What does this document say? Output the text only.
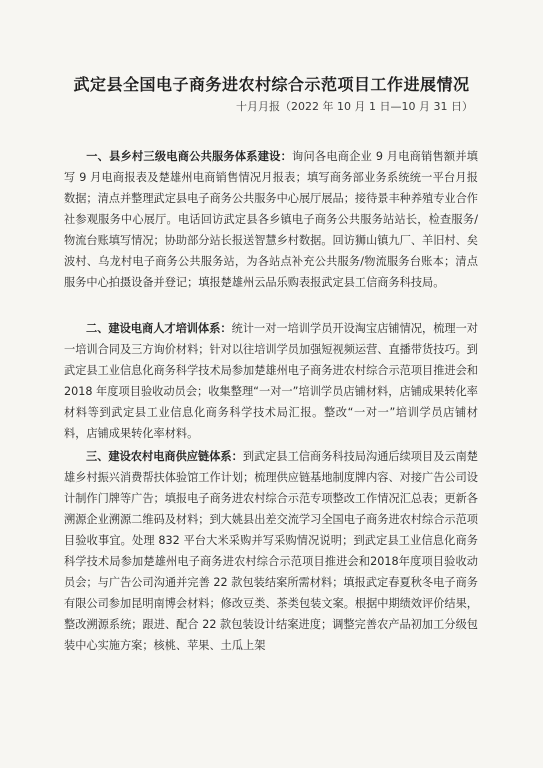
武定县全国电子商务进农村综合示范项目工作进展情况
十月月报（2022 年 10 月 1 日—10 月 31 日）
一、县乡村三级电商公共服务体系建设：询问各电商企业 9 月电商销售额并填写 9 月电商报表及楚雄州电商销售情况月报表；填写商务部业务系统统一平台月报数据；清点并整理武定县电子商务公共服务中心展厅展品；接待景丰种养殖专业合作社参观服务中心展厅。电话回访武定县各乡镇电子商务公共服务站站长，检查服务/物流台账填写情况；协助部分站长报送智慧乡村数据。回访狮山镇九厂、羊旧村、矣波村、乌龙村电子商务公共服务站，为各站点补充公共服务/物流服务台账本；清点服务中心拍摄设备并登记；填报楚雄州云品乐购表报武定县工信商务科技局。
二、建设电商人才培训体系：统计一对一培训学员开设淘宝店铺情况，梳理一对一培训合同及三方询价材料；针对以往培训学员加强短视频运营、直播带货技巧。到武定县工业信息化商务科学技术局参加楚雄州电子商务进农村综合示范项目推进会和 2018 年度项目验收动员会；收集整理“一对一”培训学员店铺材料，店铺成果转化率材料等到武定县工业信息化商务科学技术局汇报。整改“一对一”培训学员店铺材料，店铺成果转化率材料。
三、建设农村电商供应链体系：到武定县工信商务科技局沟通后续项目及云南楚雄乡村振兴消费帮扶体验馆工作计划；梳理供应链基地制度牌内容、对接广告公司设计制作门牌等广告；填报电子商务进农村综合示范专项整改工作情况汇总表；更新各溯源企业溯源二维码及材料；到大姚县出差交流学习全国电子商务进农村综合示范项目验收事宜。处理 832 平台大米采购并写采购情况说明；到武定县工业信息化商务科学技术局参加楚雄州电子商务进农村综合示范项目推进会和2018年度项目验收动员会；与广告公司沟通并完善 22 款包装结案所需材料；填报武定春夏秋冬电子商务有限公司参加昆明南博会材料；修改豆类、茶类包装文案。根据中期绩效评价结果，整改溯源系统；跟进、配合 22 款包装设计结案进度；调整完善农产品初加工分级包装中心实施方案；核桃、苹果、土瓜上架
